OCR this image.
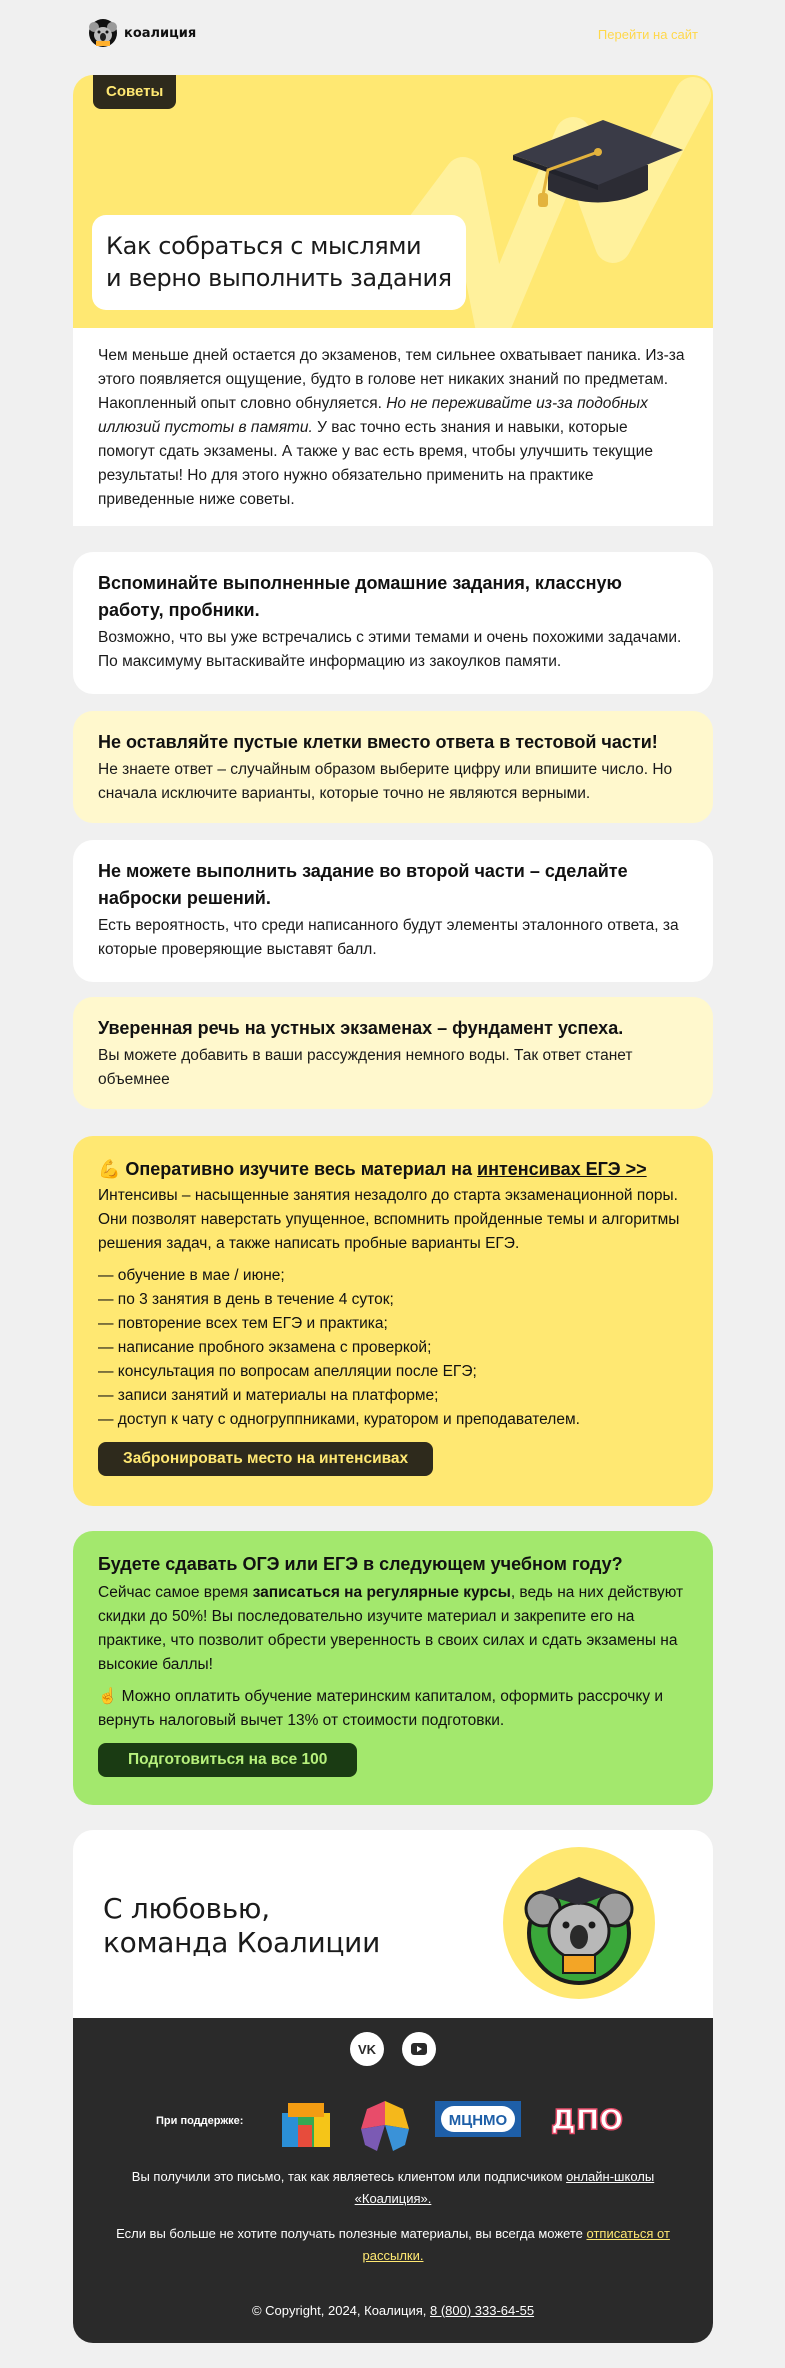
коалиция	Перейти на сайт
Советы
Как собраться с мыслями
и верно выполнить задания
Чем меньше дней остается до экзаменов, тем сильнее охватывает паника. Из-за этого появляется ощущение, будто в голове нет никаких знаний по предметам. Накопленный опыт словно обнуляется. Но не переживайте из-за подобных иллюзий пустоты в памяти. У вас точно есть знания и навыки, которые помогут сдать экзамены. А также у вас есть время, чтобы улучшить текущие результаты! Но для этого нужно обязательно применить на практике приведенные ниже советы.
Вспоминайте выполненные домашние задания, классную работу, пробники.

Возможно, что вы уже встречались с этими темами и очень похожими задачами. По максимуму вытаскивайте информацию из закоулков памяти.

Не оставляйте пустые клетки вместо ответа в тестовой части!

Не знаете ответ – случайным образом выберите цифру или впишите число. Но сначала исключите варианты, которые точно не являются верными.

Не можете выполнить задание во второй части – сделайте наброски решений.

Есть вероятность, что среди написанного будут элементы эталонного ответа, за которые проверяющие выставят балл.

Уверенная речь на устных экзаменах – фундамент успеха.

Вы можете добавить в ваши рассуждения немного воды. Так ответ станет объемнее

💪 Оперативно изучите весь материал на интенсивах ЕГЭ >>

Интенсивы – насыщенные занятия незадолго до старта экзаменационной поры. Они позволят наверстать упущенное, вспомнить пройденные темы и алгоритмы решения задач, а также написать пробные варианты ЕГЭ.

— обучение в мае / июне;
— по 3 занятия в день в течение 4 суток;
— повторение всех тем ЕГЭ и практика;
— написание пробного экзамена с проверкой;
— консультация по вопросам апелляции после ЕГЭ;
— записи занятий и материалы на платформе;
— доступ к чату с одногруппниками, куратором и преподавателем.
Забронировать место на интенсивах
Будете сдавать ОГЭ или ЕГЭ в следующем учебном году?

Сейчас самое время записаться на регулярные курсы, ведь на них действуют скидки до 50%! Вы последовательно изучите материал и закрепите его на практике, что позволит обрести уверенность в своих силах и сдать экзамены на высокие баллы!

☝️ Можно оплатить обучение материнским капиталом, оформить рассрочку и вернуть налоговый вычет 13% от стоимости подготовки.

Подготовиться на все 100
С любовью,
команда Коалиции
VK
При поддержке:	МЦНМО ДПО
Вы получили это письмо, так как являетесь клиентом или подписчиком онлайн-школы «Коалиция».
Если вы больше не хотите получать полезные материалы, вы всегда можете отписаться от рассылки.
© Copyright, 2024, Коалиция, 8 (800) 333-64-55
